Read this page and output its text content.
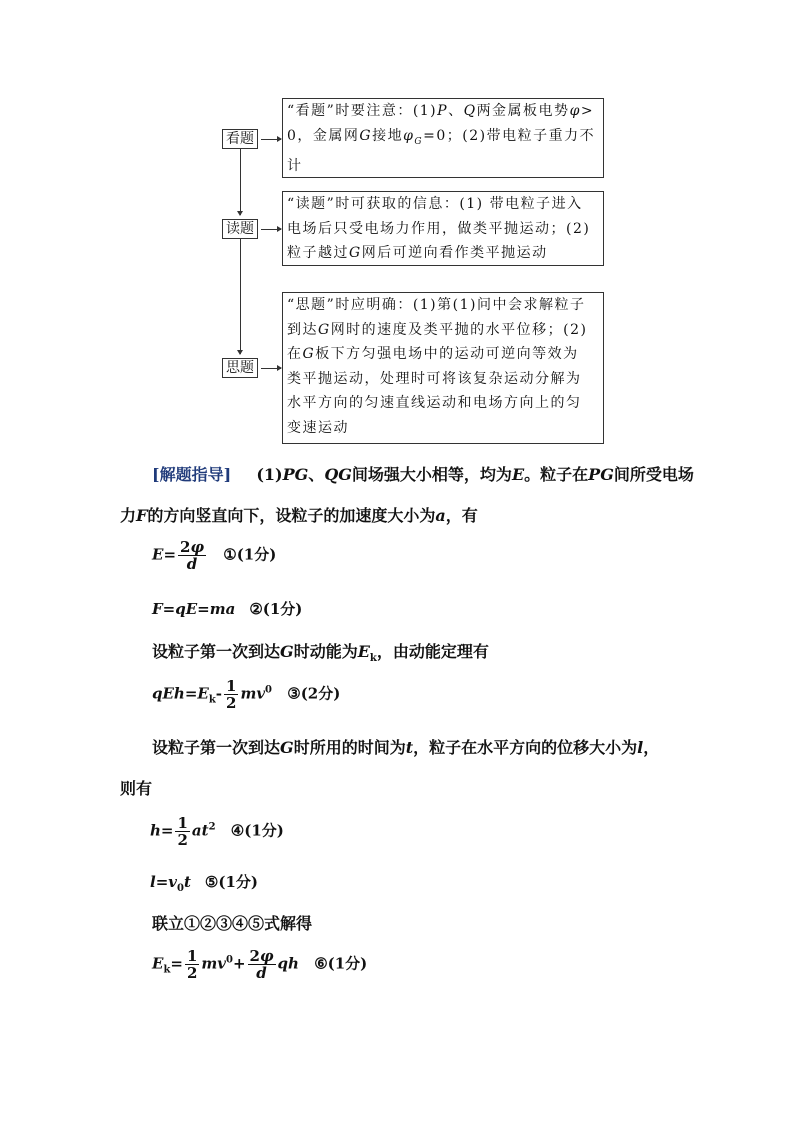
看题
读题
思题
“看题”时要注意：(1)P、Q两金属板电势φ>
0，金属网G接地$\varphi_G=0$；(2)带电粒子重力不
计
“读题”时可获取的信息：(1) 带电粒子进入
电场后只受电场力作用，做类平抛运动；(2)
粒子越过G网后可逆向看作类平抛运动
“思题”时应明确：(1)第(1)问中会求解粒子
到达G网时的速度及类平抛的水平位移；(2)
在G板下方匀强电场中的运动可逆向等效为
类平抛运动，处理时可将该复杂运动分解为
水平方向的匀速直线运动和电场方向上的匀
变速运动
[解题指导] (1)PG、QG间场强大小相等，均为E。粒子在PG间所受电场
力F的方向竖直向下，设粒子的加速度大小为a，有
$E= \frac{2\varphi}{d}$ ①(1分)
F=qE=ma ②(1分)
设粒子第一次到达G时动能为$E_k$，由动能定理有
$qEh=E_k- \frac{1}{2} mv^0$ ③(2分)
设粒子第一次到达G时所用的时间为t，粒子在水平方向的位移大小为l，
则有
$h= \frac{1}{2} at^2$ ④(1分)
$l=v_0t$ ⑤(1分)
联立①②③④⑤式解得
$E_k= \frac{1}{2} mv^0+ \frac{2\varphi}{d}$ qh ⑥(1分)
